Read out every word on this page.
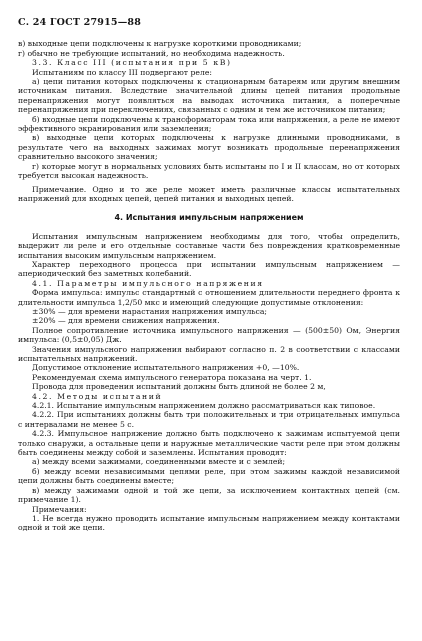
С. 24 ГОСТ 27915—88

в) выходные цепи подключены к нагрузке короткими проводниками;

г) обычно не требующие испытаний, но необходима надежность.

3.3. Класс III (испытания при 5 кВ)

Испытаниям по классу III подвергают реле:

а) цепи питания которых подключены к стационарным батареям или другим внешним источникам питания. Вследствие значительной длины цепей питания продольные перенапряжения могут появляться на выводах источника питания, а поперечные перенапряжения при переключениях, связанных с одним и тем же источником питания;

б) входные цепи подключены к трансформаторам тока или напряжения, а реле не имеют эффективного экранирования или заземления;

в) выходные цепи которых подключены к нагрузке длинными проводниками, в результате чего на выходных зажимах могут возникать продольные перенапряжения сравнительно высокого значения;

г) которые могут в нормальных условиях быть испытаны по I и II классам, но от которых требуется высокая надежность.

Примечание. Одно и то же реле может иметь различные классы испытательных напряжений для входных цепей, цепей питания и выходных цепей.

4. Испытания импульсным напряжением

Испытания импульсным напряжением необходимы для того, чтобы определить, выдержит ли реле и его отдельные составные части без повреждения кратковременные испытания высоким импульсным напряжением.

Характер переходного процесса при испытании импульсным напряжением — апериодический без заметных колебаний.

4.1. Параметры импульсного напряжения

Форма импульса: импульс стандартный с отношением длительности переднего фронта к длительности импульса 1,2/50 мкс и имеющий следующие допустимые отклонения:

±30% — для времени нарастания напряжения импульса;

±20% — для времени снижения напряжения.

Полное сопротивление источника импульсного напряжения — (500±50) Ом, Энергия импульса: (0,5±0,05) Дж.

Значения импульсного напряжения выбирают согласно п. 2 в соответствии с классами испытательных напряжений.

Допустимое отклонение испытательного напряжения +0, —10%.

Рекомендуемая схема импульсного генератора показана на черт. 1.

Провода для проведения испытаний должны быть длиной не более 2 м,

4.2. Методы испытаний

4.2.1. Испытание импульсным напряжением должно рассматриваться как типовое.

4.2.2. При испытаниях должны быть три положительных и три отрицательных импульса с интервалами не менее 5 с.

4.2.3. Импульсное напряжение должно быть подключено к зажимам испытуемой цепи только снаружи, а остальные цепи и наружные металлические части реле при этом должны быть соединены между собой и заземлены. Испытания проводят:

а) между всеми зажимами, соединенными вместе и с землей;

б) между всеми независимыми цепями реле, при этом зажимы каждой независимой цепи должны быть соединены вместе;

в) между зажимами одной и той же цепи, за исключением контактных цепей (см. примечание 1).

Примечания:

1. Не всегда нужно проводить испытание импульсным напряжением между контактами одной и той же цепи.
